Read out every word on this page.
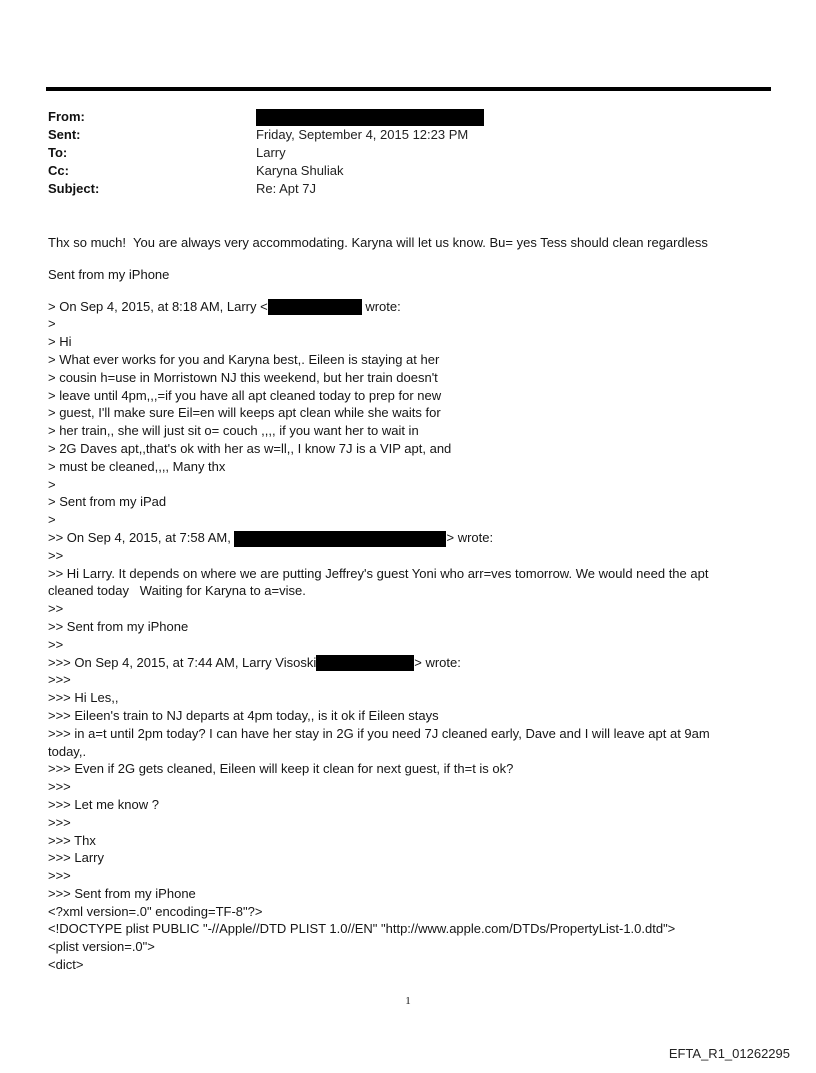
From:
Sent:	Friday, September 4, 2015 12:23 PM
To:	Larry
Cc:	Karyna Shuliak
Subject:	Re: Apt 7J
Thx so much!  You are always very accommodating. Karyna will let us know. Bu= yes Tess should clean regardless
Sent from my iPhone
> On Sep 4, 2015, at 8:18 AM, Larry <	wrote:
>
> Hi
> What ever works for you and Karyna best,. Eileen is staying at her
> cousin h=use in Morristown NJ this weekend, but her train doesn't
> leave until 4pm,,,=if you have all apt cleaned today to prep for new
> guest, I'll make sure Eil=en will keeps apt clean while she waits for
> her train,, she will just sit o= couch ,,,, if you want her to wait in
> 2G Daves apt,,that's ok with her as w=ll,, I know 7J is a VIP apt, and
> must be cleaned,,,, Many thx
>
> Sent from my iPad
>
>> On Sep 4, 2015, at 7:58 AM,	> wrote:
>>
>> Hi Larry. It depends on where we are putting Jeffrey's guest Yoni who arr=ves tomorrow. We would need the apt
cleaned today   Waiting for Karyna to a=vise.
>>
>> Sent from my iPhone
>>
>>> On Sep 4, 2015, at 7:44 AM, Larry Visoski	> wrote:
>>>
>>> Hi Les,,
>>> Eileen's train to NJ departs at 4pm today,, is it ok if Eileen stays
>>> in a=t until 2pm today? I can have her stay in 2G if you need 7J cleaned early, Dave and I will leave apt at 9am
today,.
>>> Even if 2G gets cleaned, Eileen will keep it clean for next guest, if th=t is ok?
>>>
>>> Let me know ?
>>>
>>> Thx
>>> Larry
>>>
>>> Sent from my iPhone
<?xml version=.0" encoding=TF-8"?>
<!DOCTYPE plist PUBLIC "-//Apple//DTD PLIST 1.0//EN" "http://www.apple.com/DTDs/PropertyList-1.0.dtd">
<plist version=.0">
<dict>
1
EFTA_R1_01262295
